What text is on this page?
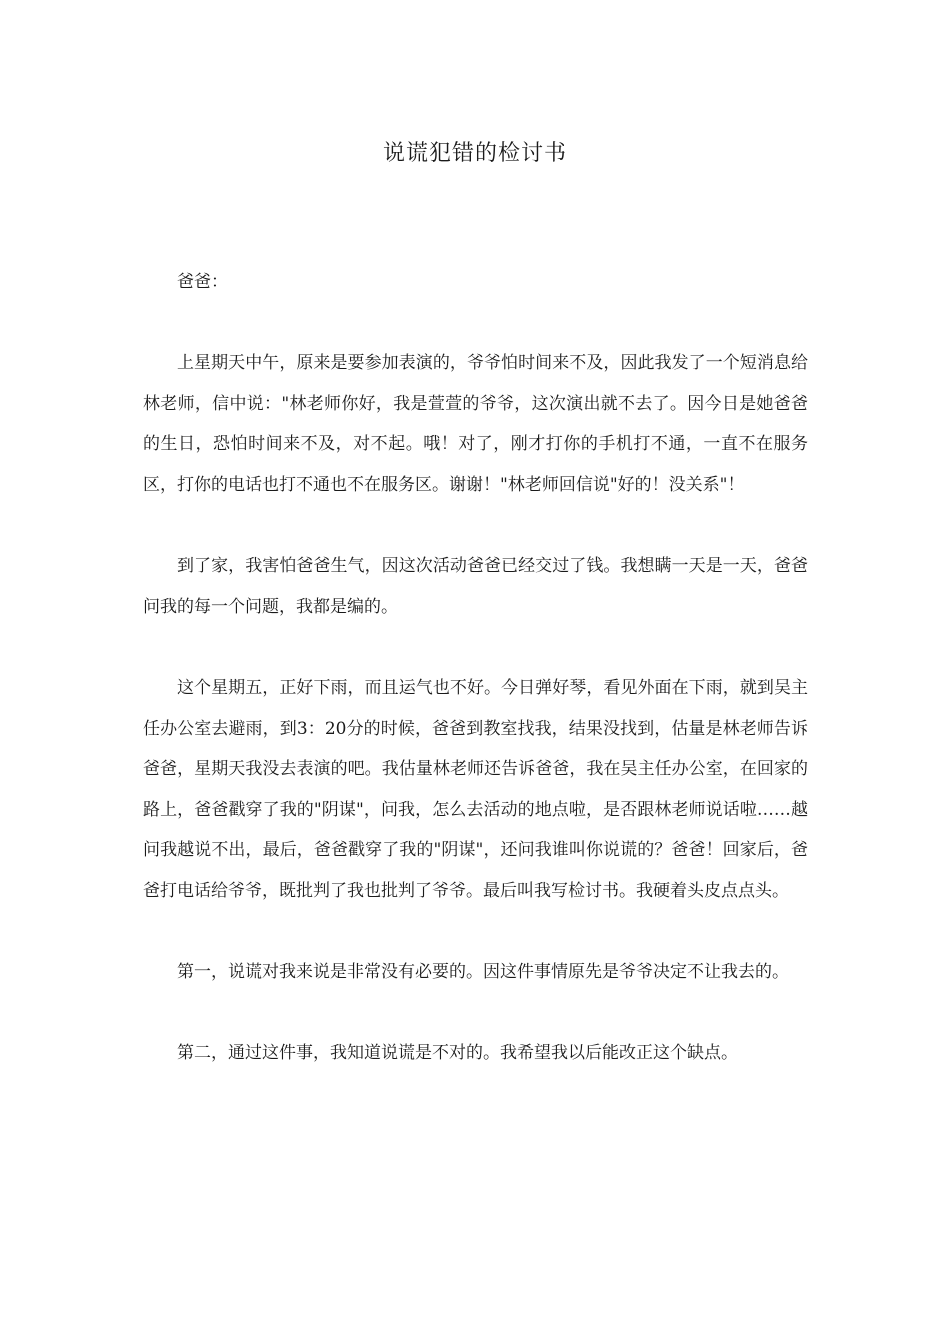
说谎犯错的检讨书

爸爸：

上星期天中午，原来是要参加表演的，爷爷怕时间来不及，因此我发了一个短消息给林老师，信中说："林老师你好，我是萱萱的爷爷，这次演出就不去了。因今日是她爸爸的生日，恐怕时间来不及，对不起。哦！对了，刚才打你的手机打不通，一直不在服务区，打你的电话也打不通也不在服务区。谢谢！"林老师回信说"好的！没关系"！

到了家，我害怕爸爸生气，因这次活动爸爸已经交过了钱。我想瞒一天是一天，爸爸问我的每一个问题，我都是编的。

这个星期五，正好下雨，而且运气也不好。今日弹好琴，看见外面在下雨，就到吴主任办公室去避雨，到3：20分的时候，爸爸到教室找我，结果没找到，估量是林老师告诉爸爸，星期天我没去表演的吧。我估量林老师还告诉爸爸，我在吴主任办公室，在回家的路上，爸爸戳穿了我的"阴谋"，问我，怎么去活动的地点啦，是否跟林老师说话啦……越问我越说不出，最后，爸爸戳穿了我的"阴谋"，还问我谁叫你说谎的？爸爸！回家后，爸爸打电话给爷爷，既批判了我也批判了爷爷。最后叫我写检讨书。我硬着头皮点点头。

第一，说谎对我来说是非常没有必要的。因这件事情原先是爷爷决定不让我去的。

第二，通过这件事，我知道说谎是不对的。我希望我以后能改正这个缺点。
